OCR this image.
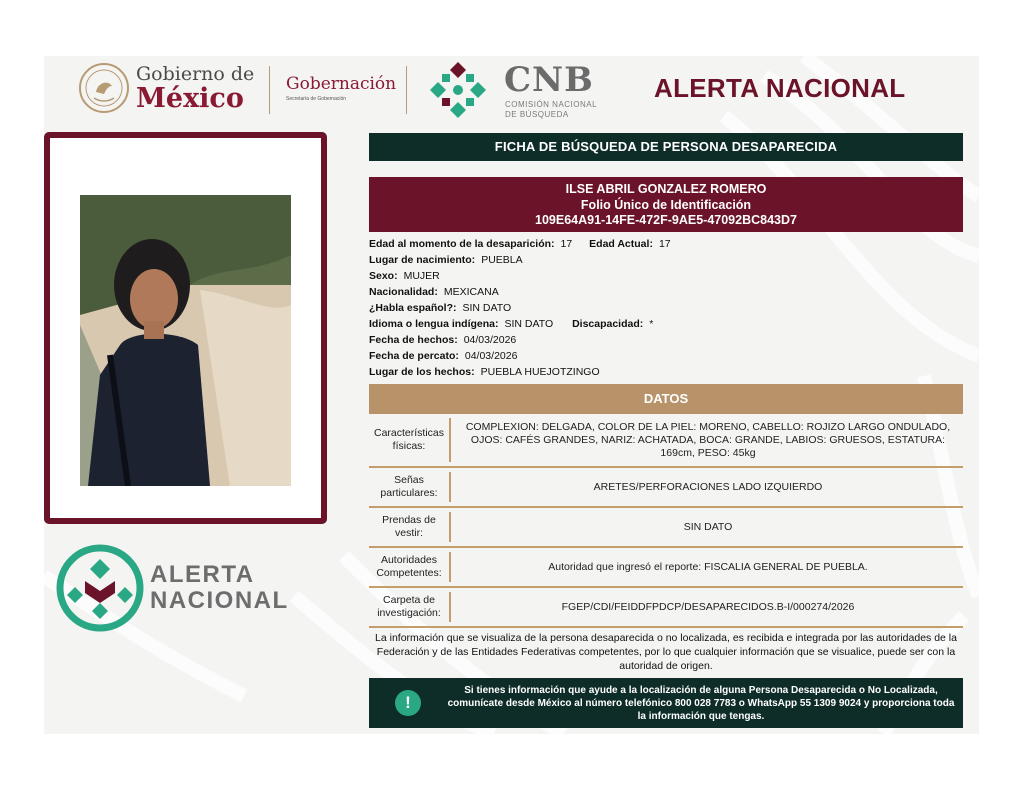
Gobierno de
México	Gobernación
Secretaría de Gobernación	CNB
COMISIÓN NACIONAL
DE BÚSQUEDA
ALERTA NACIONAL
ALERTA
NACIONAL
FICHA DE BÚSQUEDA DE PERSONA DESAPARECIDA
ILSE ABRIL GONZALEZ ROMERO
Folio Único de Identificación
109E64A91-14FE-472F-9AE5-47092BC843D7
Edad al momento de la desaparición: 17 Edad Actual: 17
Lugar de nacimiento: PUEBLA
Sexo: MUJER
Nacionalidad: MEXICANA
¿Habla español?: SIN DATO
Idioma o lengua indígena: SIN DATO Discapacidad: *
Fecha de hechos: 04/03/2026
Fecha de percato: 04/03/2026
Lugar de los hechos: PUEBLA HUEJOTZINGO
DATOS
Características físicas:
COMPLEXION: DELGADA, COLOR DE LA PIEL: MORENO, CABELLO: ROJIZO LARGO ONDULADO, OJOS: CAFÉS GRANDES, NARIZ: ACHATADA, BOCA: GRANDE, LABIOS: GRUESOS, ESTATURA: 169cm, PESO: 45kg
Señas particulares:
ARETES/PERFORACIONES LADO IZQUIERDO
Prendas de vestir:
SIN DATO
Autoridades Competentes:
Autoridad que ingresó el reporte: FISCALIA GENERAL DE PUEBLA.
Carpeta de investigación:
FGEP/CDI/FEIDDFPDCP/DESAPARECIDOS.B-I/000274/2026
La información que se visualiza de la persona desaparecida o no localizada, es recibida e integrada por las autoridades de la Federación y de las Entidades Federativas competentes, por lo que cualquier información que se visualice, puede ser con la autoridad de origen.
!
Si tienes información que ayude a la localización de alguna Persona Desaparecida o No Localizada, comunícate desde México al número telefónico 800 028 7783 o WhatsApp 55 1309 9024 y proporciona toda la información que tengas.
